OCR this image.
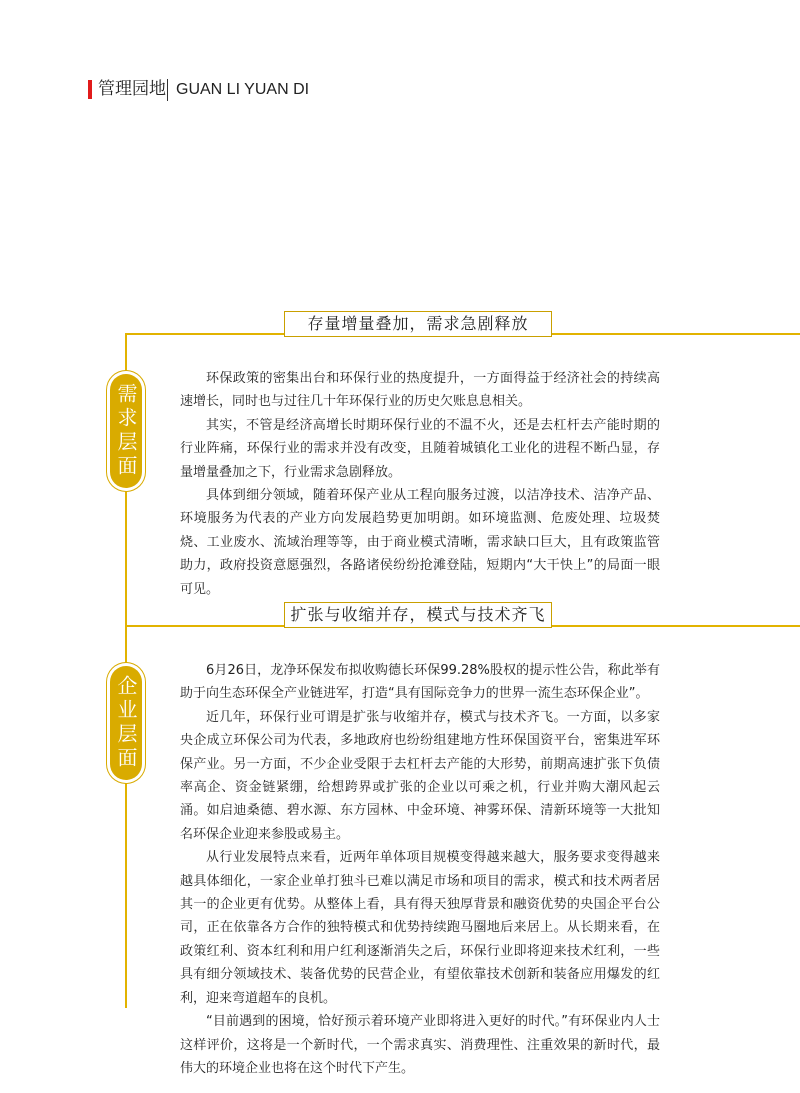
管理园地 GUAN LI YUAN DI
存量增量叠加，需求急剧释放
扩张与收缩并存，模式与技术齐飞
需求层面
企业层面

环保政策的密集出台和环保行业的热度提升，一方面得益于经济社会的持续高速增长，同时也与过往几十年环保行业的历史欠账息息相关。

其实，不管是经济高增长时期环保行业的不温不火，还是去杠杆去产能时期的行业阵痛，环保行业的需求并没有改变，且随着城镇化工业化的进程不断凸显，存量增量叠加之下，行业需求急剧释放。

具体到细分领域，随着环保产业从工程向服务过渡，以洁净技术、洁净产品、环境服务为代表的产业方向发展趋势更加明朗。如环境监测、危废处理、垃圾焚烧、工业废水、流域治理等等，由于商业模式清晰，需求缺口巨大，且有政策监管助力，政府投资意愿强烈，各路诸侯纷纷抢滩登陆，短期内“大干快上”的局面一眼可见。

6月26日，龙净环保发布拟收购德长环保99.28%股权的提示性公告，称此举有助于向生态环保全产业链进军，打造“具有国际竞争力的世界一流生态环保企业”。

近几年，环保行业可谓是扩张与收缩并存，模式与技术齐飞。一方面，以多家央企成立环保公司为代表，多地政府也纷纷组建地方性环保国资平台，密集进军环保产业。另一方面，不少企业受限于去杠杆去产能的大形势，前期高速扩张下负债率高企、资金链紧绷，给想跨界或扩张的企业以可乘之机，行业并购大潮风起云涌。如启迪桑德、碧水源、东方园林、中金环境、神雾环保、清新环境等一大批知名环保企业迎来参股或易主。

从行业发展特点来看，近两年单体项目规模变得越来越大，服务要求变得越来越具体细化，一家企业单打独斗已难以满足市场和项目的需求，模式和技术两者居其一的企业更有优势。从整体上看，具有得天独厚背景和融资优势的央国企平台公司，正在依靠各方合作的独特模式和优势持续跑马圈地后来居上。从长期来看，在政策红利、资本红利和用户红利逐渐消失之后，环保行业即将迎来技术红利，一些具有细分领域技术、装备优势的民营企业，有望依靠技术创新和装备应用爆发的红利，迎来弯道超车的良机。

“目前遇到的困境，恰好预示着环境产业即将进入更好的时代。”有环保业内人士这样评价，这将是一个新时代，一个需求真实、消费理性、注重效果的新时代，最伟大的环境企业也将在这个时代下产生。
